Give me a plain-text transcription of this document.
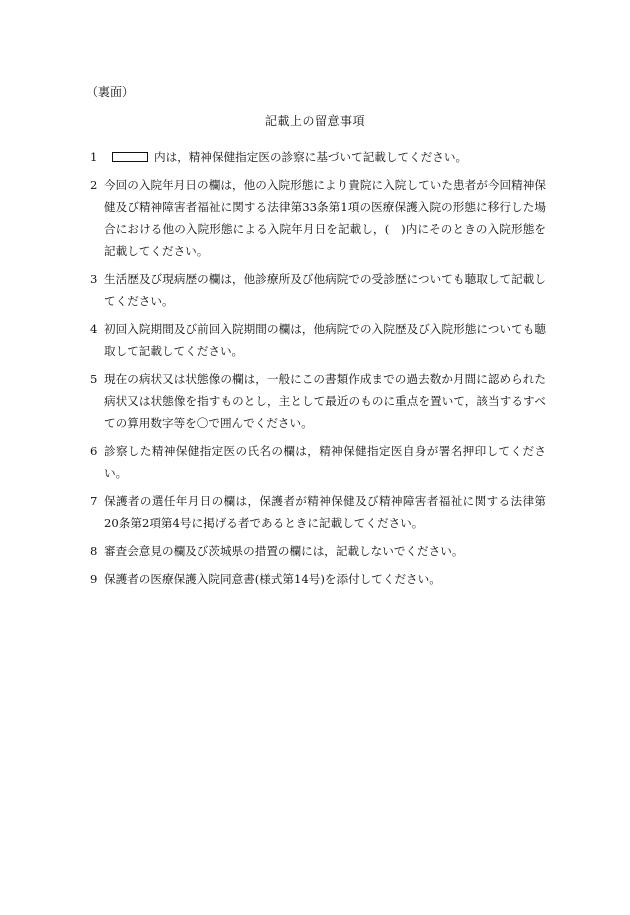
（裏面）
記載上の留意事項
1	内は，精神保健指定医の診察に基づいて記載してください。
2 今回の入院年月日の欄は，他の入院形態により貴院に入院していた患者が今回精神保健及び精神障害者福祉に関する法律第33条第1項の医療保護入院の形態に移行した場合における他の入院形態による入院年月日を記載し，(　)内にそのときの入院形態を記載してください。
3 生活歴及び現病歴の欄は，他診療所及び他病院での受診歴についても聴取して記載してください。
4 初回入院期間及び前回入院期間の欄は，他病院での入院歴及び入院形態についても聴取して記載してください。
5 現在の病状又は状態像の欄は，一般にこの書類作成までの過去数か月間に認められた病状又は状態像を指すものとし，主として最近のものに重点を置いて，該当するすべての算用数字等を〇で囲んでください。
6 診察した精神保健指定医の氏名の欄は，精神保健指定医自身が署名押印してください。
7 保護者の選任年月日の欄は，保護者が精神保健及び精神障害者福祉に関する法律第20条第2項第4号に掲げる者であるときに記載してください。
8 審査会意見の欄及び茨城県の措置の欄には，記載しないでください。
9 保護者の医療保護入院同意書(様式第14号)を添付してください。
